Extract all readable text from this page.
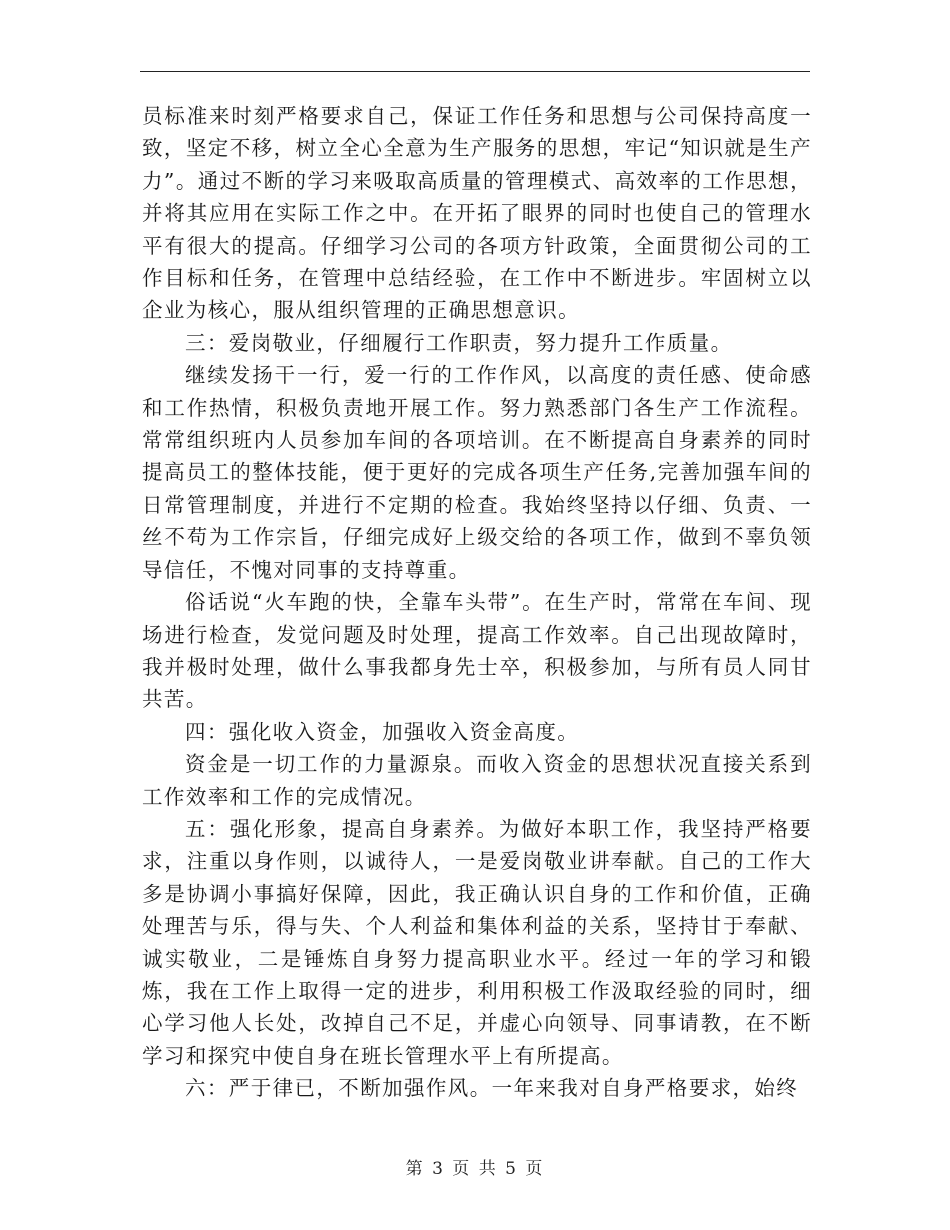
员标准来时刻严格要求自己，保证工作任务和思想与公司保持高度一致，坚定不移，树立全心全意为生产服务的思想，牢记“知识就是生产力”。通过不断的学习来吸取高质量的管理模式、高效率的工作思想，并将其应用在实际工作之中。在开拓了眼界的同时也使自己的管理水平有很大的提高。仔细学习公司的各项方针政策，全面贯彻公司的工作目标和任务，在管理中总结经验，在工作中不断进步。牢固树立以企业为核心，服从组织管理的正确思想意识。

三：爱岗敬业，仔细履行工作职责，努力提升工作质量。

继续发扬干一行，爱一行的工作作风，以高度的责任感、使命感和工作热情，积极负责地开展工作。努力熟悉部门各生产工作流程。常常组织班内人员参加车间的各项培训。在不断提高自身素养的同时提高员工的整体技能，便于更好的完成各项生产任务,完善加强车间的日常管理制度，并进行不定期的检查。我始终坚持以仔细、负责、一丝不苟为工作宗旨，仔细完成好上级交给的各项工作，做到不辜负领导信任，不愧对同事的支持尊重。

俗话说“火车跑的快，全靠车头带”。在生产时，常常在车间、现场进行检查，发觉问题及时处理，提高工作效率。自己出现故障时，我并极时处理，做什么事我都身先士卒，积极参加，与所有员人同甘共苦。

四：强化收入资金，加强收入资金高度。

资金是一切工作的力量源泉。而收入资金的思想状况直接关系到工作效率和工作的完成情况。

五：强化形象，提高自身素养。为做好本职工作，我坚持严格要求，注重以身作则，以诚待人，一是爱岗敬业讲奉献。自己的工作大多是协调小事搞好保障，因此，我正确认识自身的工作和价值，正确处理苦与乐，得与失、个人利益和集体利益的关系，坚持甘于奉献、诚实敬业，二是锤炼自身努力提高职业水平。经过一年的学习和锻炼，我在工作上取得一定的进步，利用积极工作汲取经验的同时，细心学习他人长处，改掉自己不足，并虚心向领导、同事请教，在不断学习和探究中使自身在班长管理水平上有所提高。

六：严于律已，不断加强作风。一年来我对自身严格要求，始终

第 3 页 共 5 页
